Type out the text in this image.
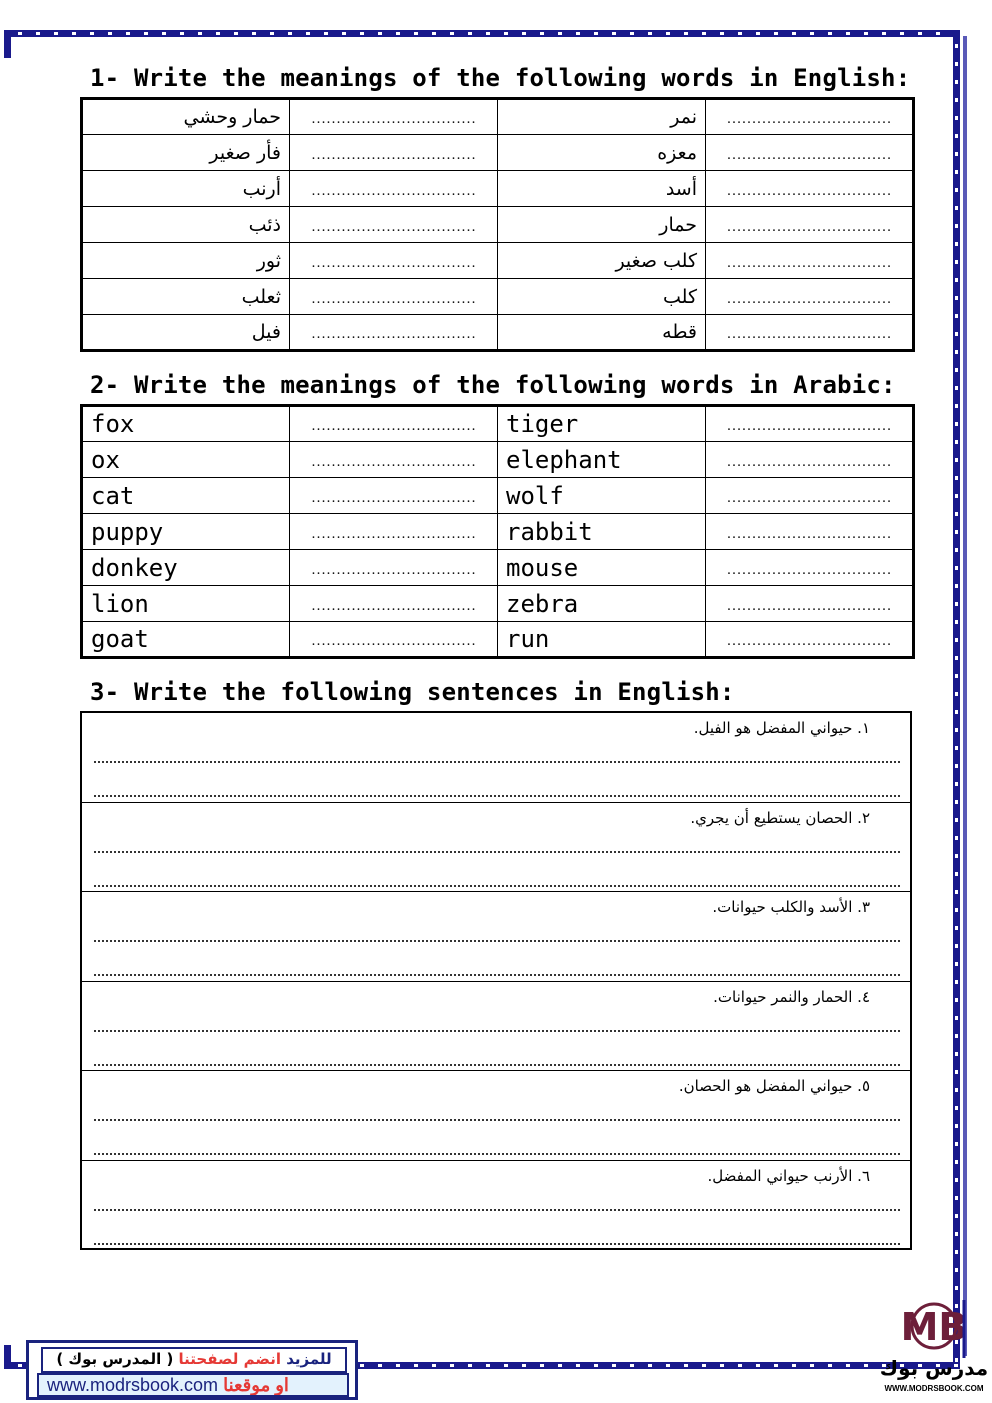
1- Write the meanings of the following words in English:
حمار وحشي	……………………………	نمر	……………………………
فأر صغير	……………………………	معزه	……………………………
أرنب	……………………………	أسد	……………………………
ذئب	……………………………	حمار	……………………………
ثور	……………………………	كلب صغير	……………………………
ثعلب	……………………………	كلب	……………………………
فيل	……………………………	قطه	……………………………
2- Write the meanings of the following words in Arabic:
fox	……………………………	tiger	……………………………
ox	……………………………	elephant	……………………………
cat	……………………………	wolf	……………………………
puppy	……………………………	rabbit	……………………………
donkey	……………………………	mouse	……………………………
lion	……………………………	zebra	……………………………
goat	……………………………	run	……………………………
3- Write the following sentences in English:
١. حيواني المفضل هو الفيل.
٢. الحصان يستطيع أن يجري.
٣. الأسد والكلب حيوانات.
٤. الحمار والنمر حيوانات.
٥. حيواني المفضل هو الحصان.
٦. الأرنب حيواني المفضل.
للمزيد انضم لصفحتنا ( المدرس بوك )
www.modrsbook.com او موقعنا
MB
مدرس بوك
WWW.MODRSBOOK.COM
